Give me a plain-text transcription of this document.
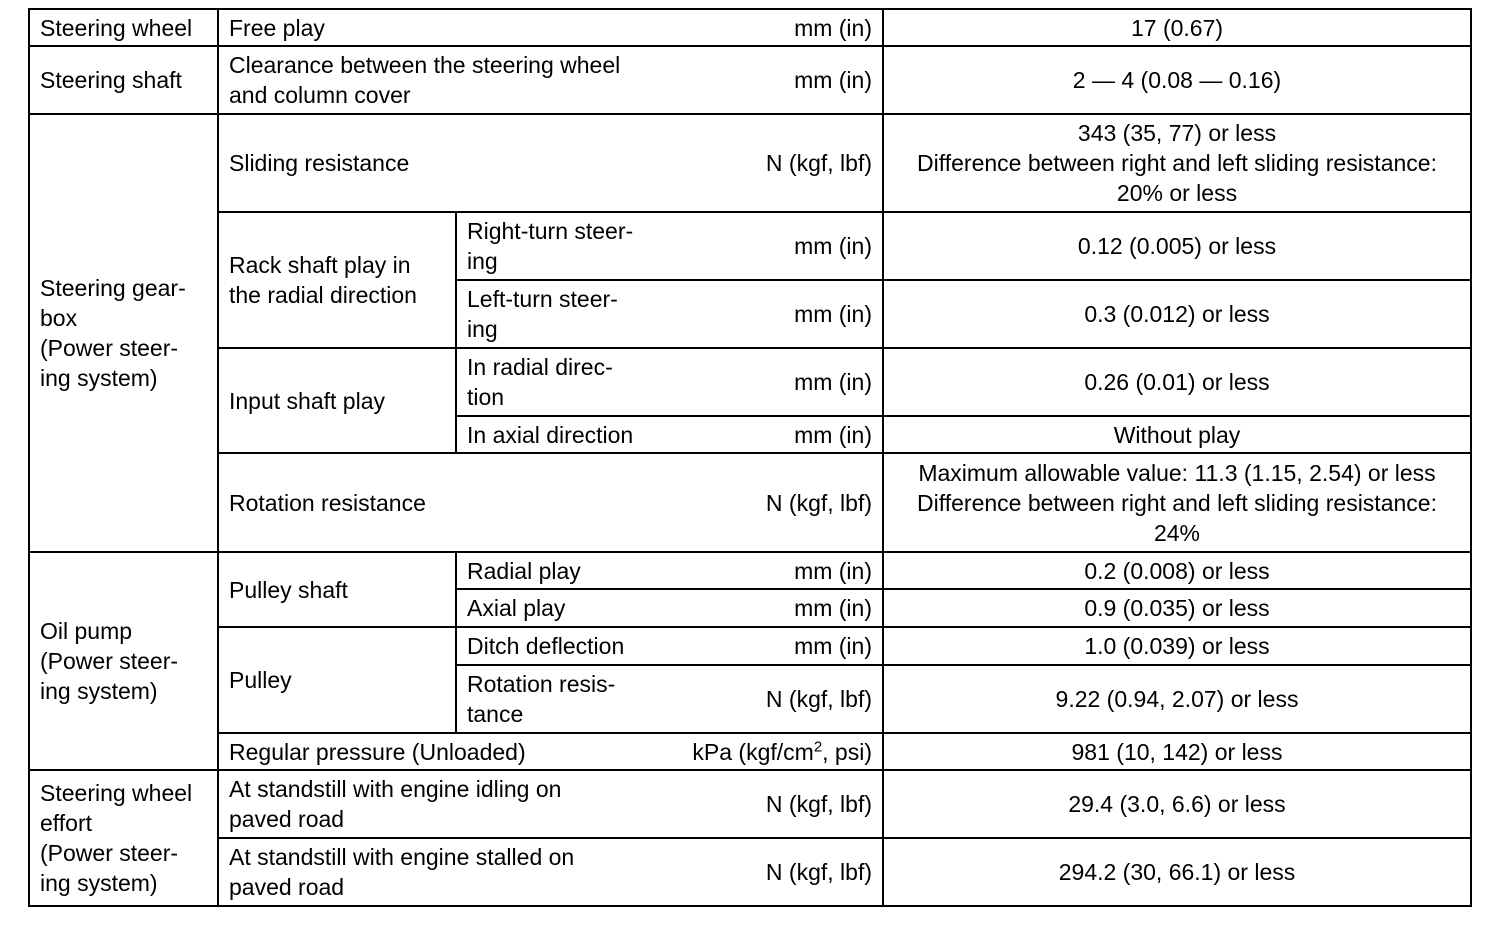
Steering wheel	Free play mm (in)		17 (0.67)
Steering shaft	Clearance between the steering wheel
and column cover
mm (in)		2 — 4 (0.08 — 0.16)

Steering gear-
box
(Power steer-
ing system)	Sliding resistance N (kgf, lbf)		343 (35, 77) or less
Difference between right and left sliding resistance:
20% or less

	Rack shaft play in
the radial direction	Right-turn steer-
ing
mm (in)	0.12 (0.005) or less

		Left-turn steer-
ing
mm (in)	0.3 (0.012) or less
	Input shaft play	In radial direc-
tion
mm (in)	0.26 (0.01) or less

		In axial direction mm (in)	Without play

	Rotation resistance N (kgf, lbf)		Maximum allowable value: 11.3 (1.15, 2.54) or less
Difference between right and left sliding resistance:
24%

Oil pump
(Power steer-
ing system)	Pulley shaft	Radial play mm (in)	0.2 (0.008) or less

		Axial play mm (in)	0.9 (0.035) or less
	Pulley	Ditch deflection mm (in)	1.0 (0.039) or less

		Rotation resis-
tance
N (kgf, lbf)	9.22 (0.94, 2.07) or less

	Regular pressure (Unloaded) kPa ($kgf/cm^2$, psi)		981 (10, 142) or less

Steering wheel
effort
(Power steer-
ing system)	At standstill with engine idling on
paved road
N (kgf, lbf)		29.4 (3.0, 6.6) or less

	At standstill with engine stalled on
paved road
N (kgf, lbf)		294.2 (30, 66.1) or less
